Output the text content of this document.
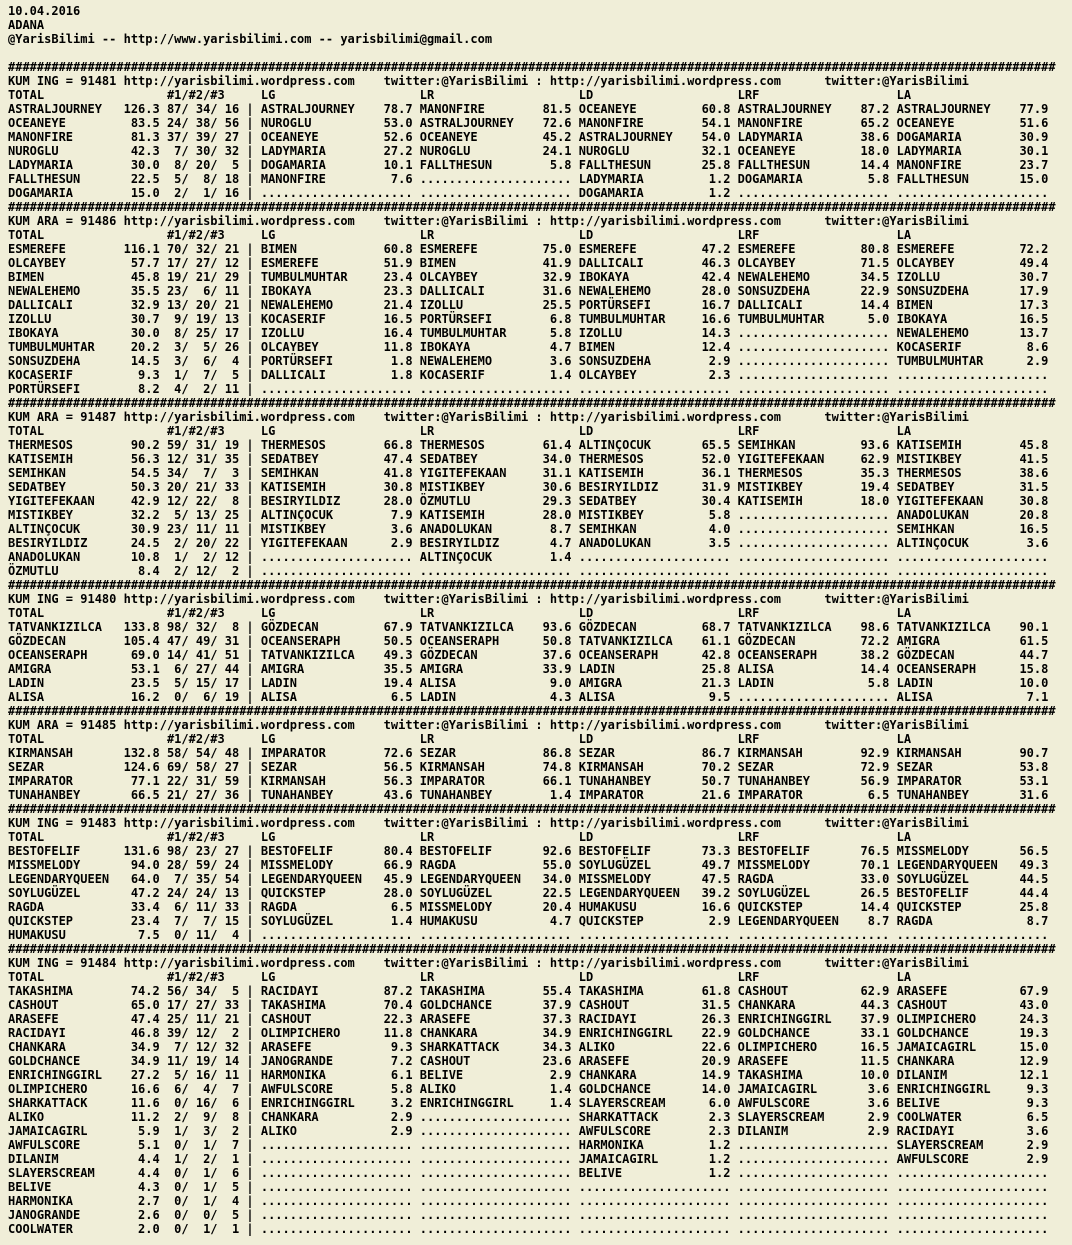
10.04.2016
ADANA
@YarisBilimi -- http://www.yarisbilimi.com -- yarisbilimi@gmail.com

#################################################################################################################################################
KUM ING = 91481 http://yarisbilimi.wordpress.com    twitter:@YarisBilimi : http://yarisbilimi.wordpress.com      twitter:@YarisBilimi
TOTAL                 #1/#2/#3     LG                    LR                    LD                    LRF                   LA
ASTRALJOURNEY   126.3 87/ 34/ 16 | ASTRALJOURNEY    78.7 MANONFIRE        81.5 OCEANEYE         60.8 ASTRALJOURNEY    87.2 ASTRALJOURNEY    77.9
OCEANEYE         83.5 24/ 38/ 56 | NUROGLU          53.0 ASTRALJOURNEY    72.6 MANONFIRE        54.1 MANONFIRE        65.2 OCEANEYE         51.6
MANONFIRE        81.3 37/ 39/ 27 | OCEANEYE         52.6 OCEANEYE         45.2 ASTRALJOURNEY    54.0 LADYMARIA        38.6 DOGAMARIA        30.9
NUROGLU          42.3  7/ 30/ 32 | LADYMARIA        27.2 NUROGLU          24.1 NUROGLU          32.1 OCEANEYE         18.0 LADYMARIA        30.1
LADYMARIA        30.0  8/ 20/  5 | DOGAMARIA        10.1 FALLTHESUN        5.8 FALLTHESUN       25.8 FALLTHESUN       14.4 MANONFIRE        23.7
FALLTHESUN       22.5  5/  8/ 18 | MANONFIRE         7.6 ..................... LADYMARIA         1.2 DOGAMARIA         5.8 FALLTHESUN       15.0
DOGAMARIA        15.0  2/  1/ 16 | ..................... ..................... DOGAMARIA         1.2 ..................... .....................
#################################################################################################################################################
KUM ARA = 91486 http://yarisbilimi.wordpress.com    twitter:@YarisBilimi : http://yarisbilimi.wordpress.com      twitter:@YarisBilimi
TOTAL                 #1/#2/#3     LG                    LR                    LD                    LRF                   LA
ESMEREFE        116.1 70/ 32/ 21 | BIMEN            60.8 ESMEREFE         75.0 ESMEREFE         47.2 ESMEREFE         80.8 ESMEREFE         72.2
OLCAYBEY         57.7 17/ 27/ 12 | ESMEREFE         51.9 BIMEN            41.9 DALLICALI        46.3 OLCAYBEY         71.5 OLCAYBEY         49.4
BIMEN            45.8 19/ 21/ 29 | TUMBULMUHTAR     23.4 OLCAYBEY         32.9 IBOKAYA          42.4 NEWALEHEMO       34.5 IZOLLU           30.7
NEWALEHEMO       35.5 23/  6/ 11 | IBOKAYA          23.3 DALLICALI        31.6 NEWALEHEMO       28.0 SONSUZDEHA       22.9 SONSUZDEHA       17.9
DALLICALI        32.9 13/ 20/ 21 | NEWALEHEMO       21.4 IZOLLU           25.5 PORTÜRSEFI       16.7 DALLICALI        14.4 BIMEN            17.3
IZOLLU           30.7  9/ 19/ 13 | KOCASERIF        16.5 PORTÜRSEFI        6.8 TUMBULMUHTAR     16.6 TUMBULMUHTAR      5.0 IBOKAYA          16.5
IBOKAYA          30.0  8/ 25/ 17 | IZOLLU           16.4 TUMBULMUHTAR      5.8 IZOLLU           14.3 ..................... NEWALEHEMO       13.7
TUMBULMUHTAR     20.2  3/  5/ 26 | OLCAYBEY         11.8 IBOKAYA           4.7 BIMEN            12.4 ..................... KOCASERIF         8.6
SONSUZDEHA       14.5  3/  6/  4 | PORTÜRSEFI        1.8 NEWALEHEMO        3.6 SONSUZDEHA        2.9 ..................... TUMBULMUHTAR      2.9
KOCASERIF         9.3  1/  7/  5 | DALLICALI         1.8 KOCASERIF         1.4 OLCAYBEY          2.3 ..................... .....................
PORTÜRSEFI        8.2  4/  2/ 11 | ..................... ..................... ..................... ..................... .....................
#################################################################################################################################################
KUM ARA = 91487 http://yarisbilimi.wordpress.com    twitter:@YarisBilimi : http://yarisbilimi.wordpress.com      twitter:@YarisBilimi
TOTAL                 #1/#2/#3     LG                    LR                    LD                    LRF                   LA
THERMESOS        90.2 59/ 31/ 19 | THERMESOS        66.8 THERMESOS        61.4 ALTINÇOCUK       65.5 SEMIHKAN         93.6 KATISEMIH        45.8
KATISEMIH        56.3 12/ 31/ 35 | SEDATBEY         47.4 SEDATBEY         34.0 THERMESOS        52.0 YIGITEFEKAAN     62.9 MISTIKBEY        41.5
SEMIHKAN         54.5 34/  7/  3 | SEMIHKAN         41.8 YIGITEFEKAAN     31.1 KATISEMIH        36.1 THERMESOS        35.3 THERMESOS        38.6
SEDATBEY         50.3 20/ 21/ 33 | KATISEMIH        30.8 MISTIKBEY        30.6 BESIRYILDIZ      31.9 MISTIKBEY        19.4 SEDATBEY         31.5
YIGITEFEKAAN     42.9 12/ 22/  8 | BESIRYILDIZ      28.0 ÖZMUTLU          29.3 SEDATBEY         30.4 KATISEMIH        18.0 YIGITEFEKAAN     30.8
MISTIKBEY        32.2  5/ 13/ 25 | ALTINÇOCUK        7.9 KATISEMIH        28.0 MISTIKBEY         5.8 ..................... ANADOLUKAN       20.8
ALTINÇOCUK       30.9 23/ 11/ 11 | MISTIKBEY         3.6 ANADOLUKAN        8.7 SEMIHKAN          4.0 ..................... SEMIHKAN         16.5
BESIRYILDIZ      24.5  2/ 20/ 22 | YIGITEFEKAAN      2.9 BESIRYILDIZ       4.7 ANADOLUKAN        3.5 ..................... ALTINÇOCUK        3.6
ANADOLUKAN       10.8  1/  2/ 12 | ..................... ALTINÇOCUK        1.4 ..................... ..................... .....................
ÖZMUTLU           8.4  2/ 12/  2 | ..................... ..................... ..................... ..................... .....................
#################################################################################################################################################
KUM ING = 91480 http://yarisbilimi.wordpress.com    twitter:@YarisBilimi : http://yarisbilimi.wordpress.com      twitter:@YarisBilimi
TOTAL                 #1/#2/#3     LG                    LR                    LD                    LRF                   LA
TATVANKIZILCA   133.8 98/ 32/  8 | GÖZDECAN         67.9 TATVANKIZILCA    93.6 GÖZDECAN         68.7 TATVANKIZILCA    98.6 TATVANKIZILCA    90.1
GÖZDECAN        105.4 47/ 49/ 31 | OCEANSERAPH      50.5 OCEANSERAPH      50.8 TATVANKIZILCA    61.1 GÖZDECAN         72.2 AMIGRA           61.5
OCEANSERAPH      69.0 14/ 41/ 51 | TATVANKIZILCA    49.3 GÖZDECAN         37.6 OCEANSERAPH      42.8 OCEANSERAPH      38.2 GÖZDECAN         44.7
AMIGRA           53.1  6/ 27/ 44 | AMIGRA           35.5 AMIGRA           33.9 LADIN            25.8 ALISA            14.4 OCEANSERAPH      15.8
LADIN            23.5  5/ 15/ 17 | LADIN            19.4 ALISA             9.0 AMIGRA           21.3 LADIN             5.8 LADIN            10.0
ALISA            16.2  0/  6/ 19 | ALISA             6.5 LADIN             4.3 ALISA             9.5 ..................... ALISA             7.1
#################################################################################################################################################
KUM ARA = 91485 http://yarisbilimi.wordpress.com    twitter:@YarisBilimi : http://yarisbilimi.wordpress.com      twitter:@YarisBilimi
TOTAL                 #1/#2/#3     LG                    LR                    LD                    LRF                   LA
KIRMANSAH       132.8 58/ 54/ 48 | IMPARATOR        72.6 SEZAR            86.8 SEZAR            86.7 KIRMANSAH        92.9 KIRMANSAH        90.7
SEZAR           124.6 69/ 58/ 27 | SEZAR            56.5 KIRMANSAH        74.8 KIRMANSAH        70.2 SEZAR            72.9 SEZAR            53.8
IMPARATOR        77.1 22/ 31/ 59 | KIRMANSAH        56.3 IMPARATOR        66.1 TUNAHANBEY       50.7 TUNAHANBEY       56.9 IMPARATOR        53.1
TUNAHANBEY       66.5 21/ 27/ 36 | TUNAHANBEY       43.6 TUNAHANBEY        1.4 IMPARATOR        21.6 IMPARATOR         6.5 TUNAHANBEY       31.6
#################################################################################################################################################
KUM ING = 91483 http://yarisbilimi.wordpress.com    twitter:@YarisBilimi : http://yarisbilimi.wordpress.com      twitter:@YarisBilimi
TOTAL                 #1/#2/#3     LG                    LR                    LD                    LRF                   LA
BESTOFELIF      131.6 98/ 23/ 27 | BESTOFELIF       80.4 BESTOFELIF       92.6 BESTOFELIF       73.3 BESTOFELIF       76.5 MISSMELODY       56.5
MISSMELODY       94.0 28/ 59/ 24 | MISSMELODY       66.9 RAGDA            55.0 SOYLUGÜZEL       49.7 MISSMELODY       70.1 LEGENDARYQUEEN   49.3
LEGENDARYQUEEN   64.0  7/ 35/ 54 | LEGENDARYQUEEN   45.9 LEGENDARYQUEEN   34.0 MISSMELODY       47.5 RAGDA            33.0 SOYLUGÜZEL       44.5
SOYLUGÜZEL       47.2 24/ 24/ 13 | QUICKSTEP        28.0 SOYLUGÜZEL       22.5 LEGENDARYQUEEN   39.2 SOYLUGÜZEL       26.5 BESTOFELIF       44.4
RAGDA            33.4  6/ 11/ 33 | RAGDA             6.5 MISSMELODY       20.4 HUMAKUSU         16.6 QUICKSTEP        14.4 QUICKSTEP        25.8
QUICKSTEP        23.4  7/  7/ 15 | SOYLUGÜZEL        1.4 HUMAKUSU          4.7 QUICKSTEP         2.9 LEGENDARYQUEEN    8.7 RAGDA             8.7
HUMAKUSU          7.5  0/ 11/  4 | ..................... ..................... ..................... ..................... .....................
#################################################################################################################################################
KUM ING = 91484 http://yarisbilimi.wordpress.com    twitter:@YarisBilimi : http://yarisbilimi.wordpress.com      twitter:@YarisBilimi
TOTAL                 #1/#2/#3     LG                    LR                    LD                    LRF                   LA
TAKASHIMA        74.2 56/ 34/  5 | RACIDAYI         87.2 TAKASHIMA        55.4 TAKASHIMA        61.8 CASHOUT          62.9 ARASEFE          67.9
CASHOUT          65.0 17/ 27/ 33 | TAKASHIMA        70.4 GOLDCHANCE       37.9 CASHOUT          31.5 CHANKARA         44.3 CASHOUT          43.0
ARASEFE          47.4 25/ 11/ 21 | CASHOUT          22.3 ARASEFE          37.3 RACIDAYI         26.3 ENRICHINGGIRL    37.9 OLIMPICHERO      24.3
RACIDAYI         46.8 39/ 12/  2 | OLIMPICHERO      11.8 CHANKARA         34.9 ENRICHINGGIRL    22.9 GOLDCHANCE       33.1 GOLDCHANCE       19.3
CHANKARA         34.9  7/ 12/ 32 | ARASEFE           9.3 SHARKATTACK      34.3 ALIKO            22.6 OLIMPICHERO      16.5 JAMAICAGIRL      15.0
GOLDCHANCE       34.9 11/ 19/ 14 | JANOGRANDE        7.2 CASHOUT          23.6 ARASEFE          20.9 ARASEFE          11.5 CHANKARA         12.9
ENRICHINGGIRL    27.2  5/ 16/ 11 | HARMONIKA         6.1 BELIVE            2.9 CHANKARA         14.9 TAKASHIMA        10.0 DILANIM          12.1
OLIMPICHERO      16.6  6/  4/  7 | AWFULSCORE        5.8 ALIKO             1.4 GOLDCHANCE       14.0 JAMAICAGIRL       3.6 ENRICHINGGIRL     9.3
SHARKATTACK      11.6  0/ 16/  6 | ENRICHINGGIRL     3.2 ENRICHINGGIRL     1.4 SLAYERSCREAM      6.0 AWFULSCORE        3.6 BELIVE            9.3
ALIKO            11.2  2/  9/  8 | CHANKARA          2.9 ..................... SHARKATTACK       2.3 SLAYERSCREAM      2.9 COOLWATER         6.5
JAMAICAGIRL       5.9  1/  3/  2 | ALIKO             2.9 ..................... AWFULSCORE        2.3 DILANIM           2.9 RACIDAYI          3.6
AWFULSCORE        5.1  0/  1/  7 | ..................... ..................... HARMONIKA         1.2 ..................... SLAYERSCREAM      2.9
DILANIM           4.4  1/  2/  1 | ..................... ..................... JAMAICAGIRL       1.2 ..................... AWFULSCORE        2.9
SLAYERSCREAM      4.4  0/  1/  6 | ..................... ..................... BELIVE            1.2 ..................... .....................
BELIVE            4.3  0/  1/  5 | ..................... ..................... ..................... ..................... .....................
HARMONIKA         2.7  0/  1/  4 | ..................... ..................... ..................... ..................... .....................
JANOGRANDE        2.6  0/  0/  5 | ..................... ..................... ..................... ..................... .....................
COOLWATER         2.0  0/  1/  1 | ..................... ..................... ..................... ..................... .....................
